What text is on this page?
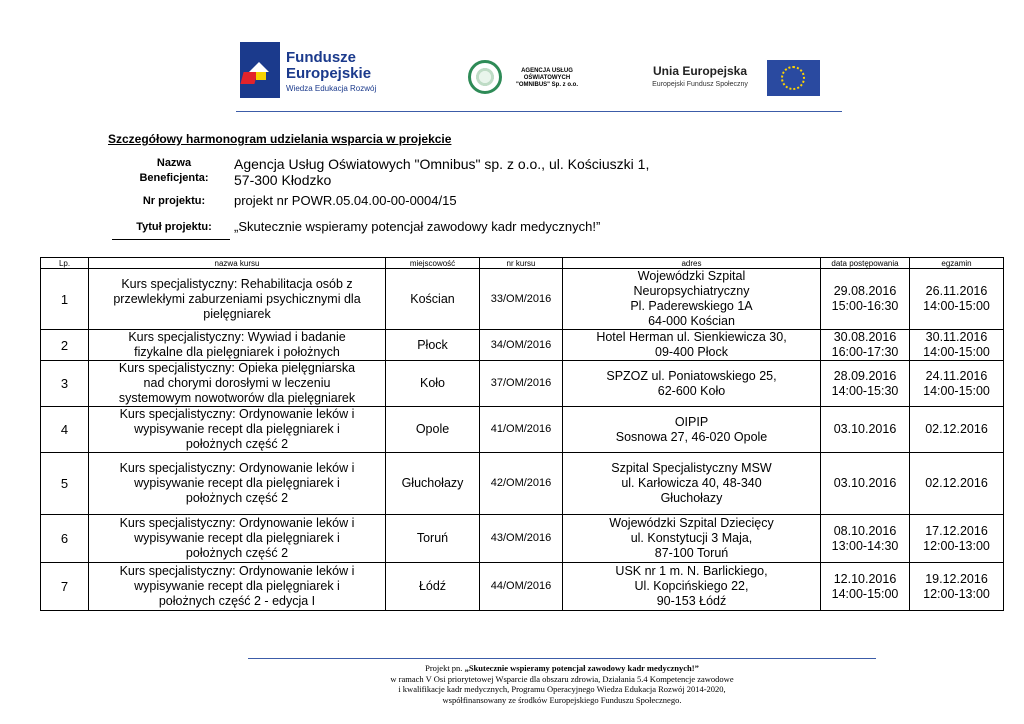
Fundusze
Europejskie
Wiedza Edukacja Rozwój
AGENCJA USŁUG
OŚWIATOWYCH
"OMNIBUS" Sp. z o.o.
Unia Europejska
Europejski Fundusz Społeczny
Szczegółowy harmonogram udzielania wsparcia w projekcie
Nazwa
Beneficjenta:
Agencja Usług Oświatowych "Omnibus" sp. z o.o., ul. Kościuszki 1,
57-300 Kłodzko
Nr projektu:	projekt nr POWR.05.04.00-00-0004/15
Tytuł projektu:	„Skutecznie wspieramy potencjał zawodowy kadr medycznych!”
Lp.	nazwa kursu	miejscowość	nr kursu	adres	data postępowania	egzamin
1	Kurs specjalistyczny: Rehabilitacja osób z
przewlekłymi zaburzeniami psychicznymi dla
pielęgniarek	Kościan	33/OM/2016	Wojewódzki Szpital
Neuropsychiatryczny
Pl. Paderewskiego 1A
64-000 Kościan	29.08.2016
15:00-16:30	26.11.2016
14:00-15:00

2	Kurs specjalistyczny: Wywiad i badanie
fizykalne dla pielęgniarek i położnych	Płock	34/OM/2016	Hotel Herman ul. Sienkiewicza 30,
09-400 Płock	30.08.2016
16:00-17:30	30.11.2016
14:00-15:00

3	Kurs specjalistyczny: Opieka pielęgniarska
nad chorymi dorosłymi w leczeniu
systemowym nowotworów dla pielęgniarek	Koło	37/OM/2016	SPZOZ ul. Poniatowskiego 25,
62-600 Koło	28.09.2016
14:00-15:30	24.11.2016
14:00-15:00

4	Kurs specjalistyczny: Ordynowanie leków i
wypisywanie recept dla pielęgniarek i
położnych część 2	Opole	41/OM/2016	OIPIP
Sosnowa 27, 46-020 Opole	03.10.2016	02.12.2016

5	Kurs specjalistyczny: Ordynowanie leków i
wypisywanie recept dla pielęgniarek i
położnych część 2	Głuchołazy	42/OM/2016	Szpital Specjalistyczny MSW
ul. Karłowicza 40, 48-340
Głuchołazy	03.10.2016	02.12.2016

6	Kurs specjalistyczny: Ordynowanie leków i
wypisywanie recept dla pielęgniarek i
położnych część 2	Toruń	43/OM/2016	Wojewódzki Szpital Dziecięcy
ul. Konstytucji 3 Maja,
87-100 Toruń	08.10.2016
13:00-14:30	17.12.2016
12:00-13:00

7	Kurs specjalistyczny: Ordynowanie leków i
wypisywanie recept dla pielęgniarek i
położnych część 2 - edycja I	Łódź	44/OM/2016	USK nr 1 m. N. Barlickiego,
Ul. Kopcińskiego 22,
90-153 Łódź	12.10.2016
14:00-15:00	19.12.2016
12:00-13:00
Projekt pn. „Skutecznie wspieramy potencjał zawodowy kadr medycznych!”
w ramach V Osi priorytetowej Wsparcie dla obszaru zdrowia, Działania 5.4 Kompetencje zawodowe
i kwalifikacje kadr medycznych, Programu Operacyjnego Wiedza Edukacja Rozwój 2014-2020,
współfinansowany ze środków Europejskiego Funduszu Społecznego.
